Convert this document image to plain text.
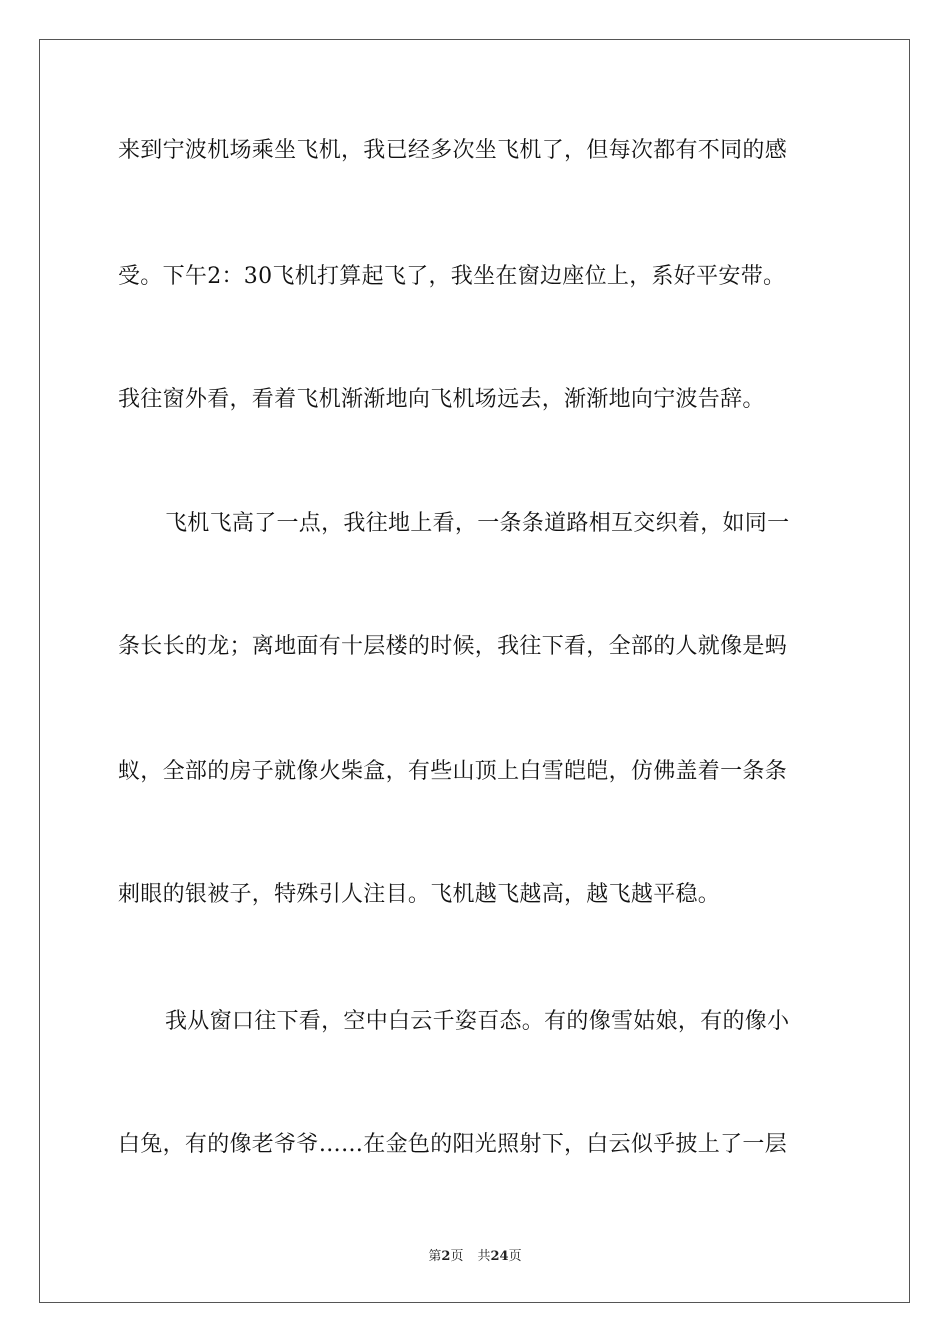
来到宁波机场乘坐飞机，我已经多次坐飞机了，但每次都有不同的感
受。下午2：30飞机打算起飞了，我坐在窗边座位上，系好平安带。
我往窗外看，看着飞机渐渐地向飞机场远去，渐渐地向宁波告辞。
飞机飞高了一点，我往地上看，一条条道路相互交织着，如同一
条长长的龙；离地面有十层楼的时候，我往下看，全部的人就像是蚂
蚁，全部的房子就像火柴盒，有些山顶上白雪皑皑，仿佛盖着一条条
刺眼的银被子，特殊引人注目。飞机越飞越高，越飞越平稳。
我从窗口往下看，空中白云千姿百态。有的像雪姑娘，有的像小
白兔，有的像老爷爷……在金色的阳光照射下，白云似乎披上了一层
第2页 共24页
